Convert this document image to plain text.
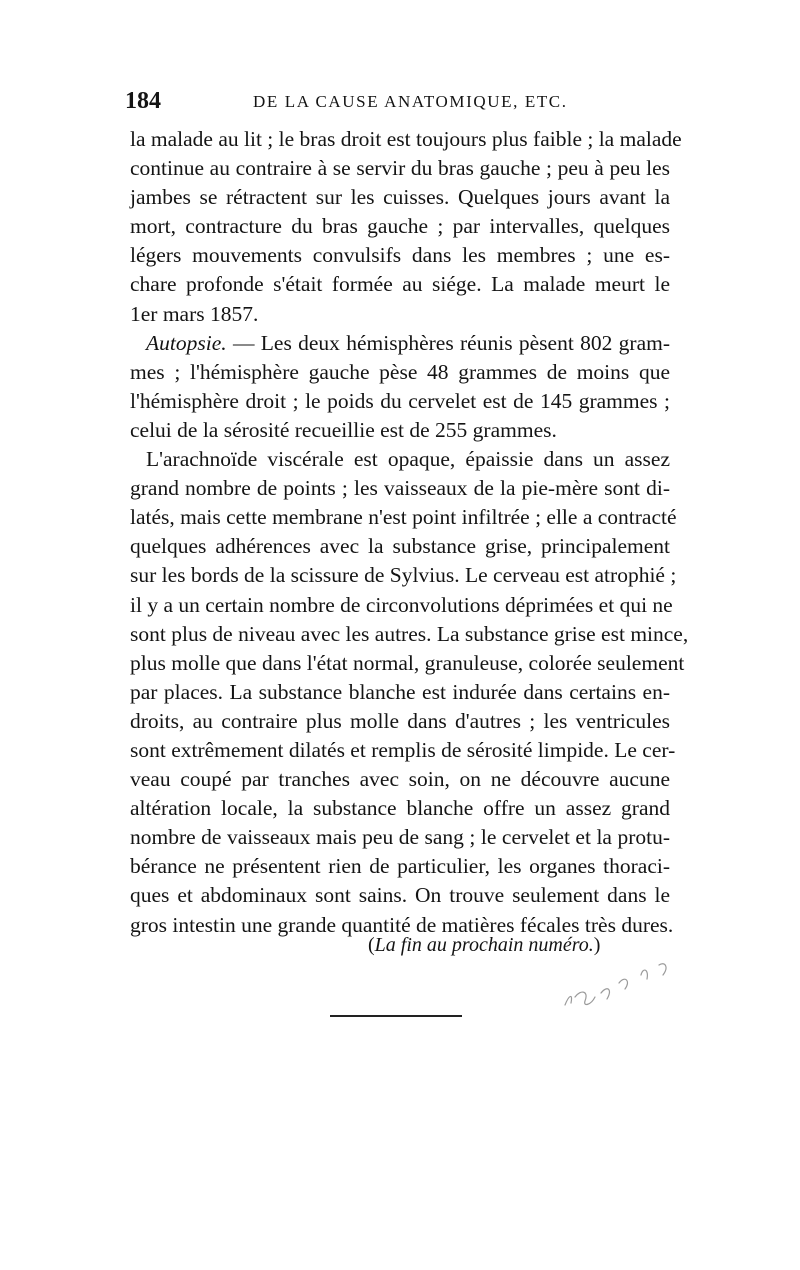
184	DE LA CAUSE ANATOMIQUE, ETC.
la malade au lit ; le bras droit est toujours plus faible ; la malade
continue au contraire à se servir du bras gauche ; peu à peu les
jambes se rétractent sur les cuisses. Quelques jours avant la
mort, contracture du bras gauche ; par intervalles, quelques
légers mouvements convulsifs dans les membres ; une es-
chare profonde s'était formée au siége. La malade meurt le
1er mars 1857.
Autopsie. — Les deux hémisphères réunis pèsent 802 gram-
mes ; l'hémisphère gauche pèse 48 grammes de moins que
l'hémisphère droit ; le poids du cervelet est de 145 grammes ;
celui de la sérosité recueillie est de 255 grammes.
L'arachnoïde viscérale est opaque, épaissie dans un assez
grand nombre de points ; les vaisseaux de la pie-mère sont di-
latés, mais cette membrane n'est point infiltrée ; elle a contracté
quelques adhérences avec la substance grise, principalement
sur les bords de la scissure de Sylvius. Le cerveau est atrophié ;
il y a un certain nombre de circonvolutions déprimées et qui ne
sont plus de niveau avec les autres. La substance grise est mince,
plus molle que dans l'état normal, granuleuse, colorée seulement
par places. La substance blanche est indurée dans certains en-
droits, au contraire plus molle dans d'autres ; les ventricules
sont extrêmement dilatés et remplis de sérosité limpide. Le cer-
veau coupé par tranches avec soin, on ne découvre aucune
altération locale, la substance blanche offre un assez grand
nombre de vaisseaux mais peu de sang ; le cervelet et la protu-
bérance ne présentent rien de particulier, les organes thoraci-
ques et abdominaux sont sains. On trouve seulement dans le
gros intestin une grande quantité de matières fécales très dures.
(La fin au prochain numéro.)
